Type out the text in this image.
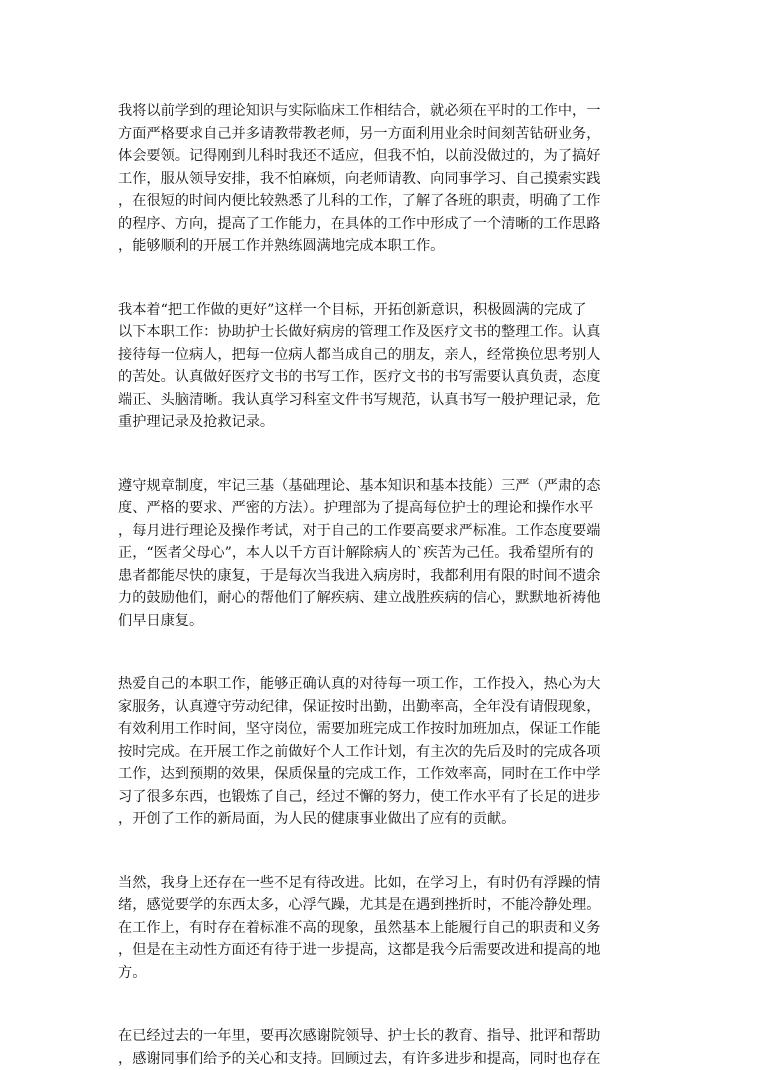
我将以前学到的理论知识与实际临床工作相结合，就必须在平时的工作中，一
方面严格要求自己并多请教带教老师，另一方面利用业余时间刻苦钻研业务，
体会要领。记得刚到儿科时我还不适应，但我不怕，以前没做过的，为了搞好
工作，服从领导安排，我不怕麻烦，向老师请教、向同事学习、自己摸索实践
，在很短的时间内便比较熟悉了儿科的工作，了解了各班的职责，明确了工作
的程序、方向，提高了工作能力，在具体的工作中形成了一个清晰的工作思路
，能够顺利的开展工作并熟练圆满地完成本职工作。

我本着“把工作做的更好”这样一个目标，开拓创新意识，积极圆满的完成了
以下本职工作：协助护士长做好病房的管理工作及医疗文书的整理工作。认真
接待每一位病人，把每一位病人都当成自己的朋友，亲人，经常换位思考别人
的苦处。认真做好医疗文书的书写工作，医疗文书的书写需要认真负责，态度
端正、头脑清晰。我认真学习科室文件书写规范，认真书写一般护理记录，危
重护理记录及抢救记录。

遵守规章制度，牢记三基（基础理论、基本知识和基本技能）三严（严肃的态
度、严格的要求、严密的方法）。护理部为了提高每位护士的理论和操作水平
，每月进行理论及操作考试，对于自己的工作要高要求严标准。工作态度要端
正，“医者父母心”，本人以千方百计解除病人的`疾苦为己任。我希望所有的
患者都能尽快的康复，于是每次当我进入病房时，我都利用有限的时间不遗余
力的鼓励他们，耐心的帮他们了解疾病、建立战胜疾病的信心，默默地祈祷他
们早日康复。

热爱自己的本职工作，能够正确认真的对待每一项工作，工作投入，热心为大
家服务，认真遵守劳动纪律，保证按时出勤，出勤率高，全年没有请假现象，
有效利用工作时间，坚守岗位，需要加班完成工作按时加班加点，保证工作能
按时完成。在开展工作之前做好个人工作计划，有主次的先后及时的完成各项
工作，达到预期的效果，保质保量的完成工作，工作效率高，同时在工作中学
习了很多东西，也锻炼了自己，经过不懈的努力，使工作水平有了长足的进步
，开创了工作的新局面，为人民的健康事业做出了应有的贡献。

当然，我身上还存在一些不足有待改进。比如，在学习上，有时仍有浮躁的情
绪，感觉要学的东西太多，心浮气躁，尤其是在遇到挫折时，不能冷静处理。
在工作上，有时存在着标准不高的现象，虽然基本上能履行自己的职责和义务
，但是在主动性方面还有待于进一步提高，这都是我今后需要改进和提高的地
方。

在已经过去的一年里，要再次感谢院领导、护士长的教育、指导、批评和帮助
，感谢同事们给予的关心和支持。回顾过去，有许多进步和提高，同时也存在
